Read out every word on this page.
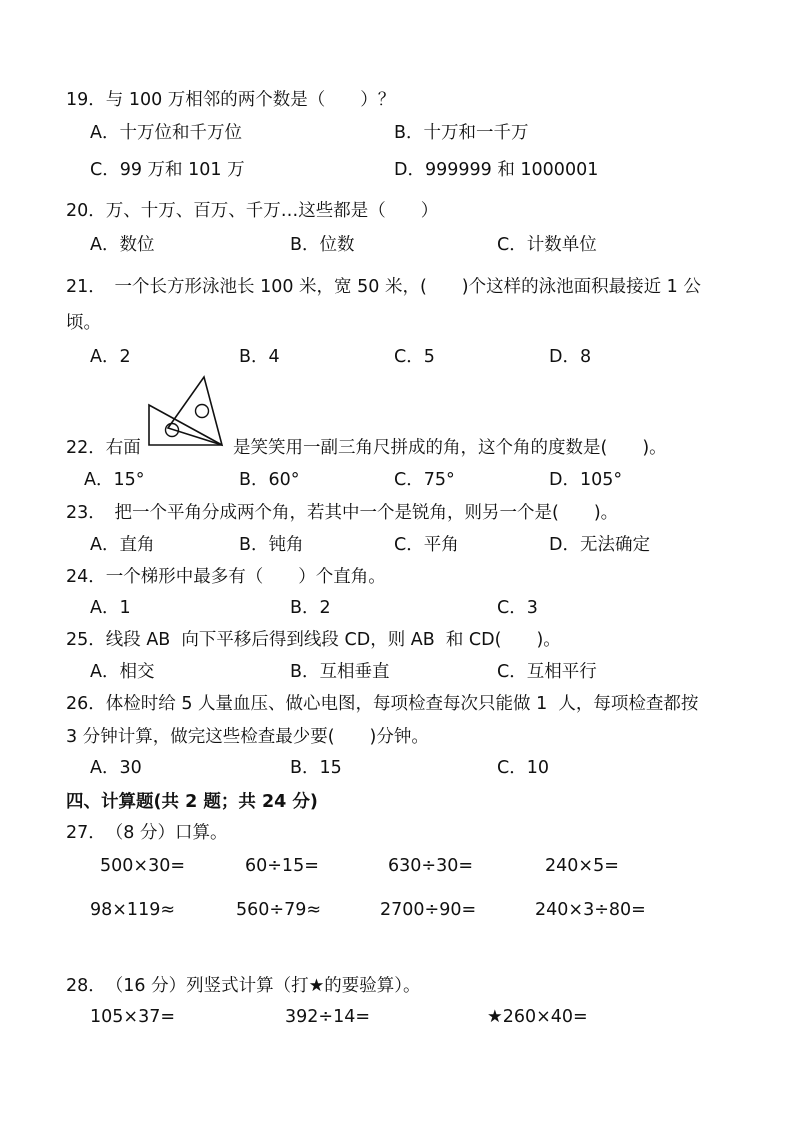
19．与 100 万相邻的两个数是（　　）？
A．十万位和千万位	B．十万和一千万
C．99 万和 101 万	D．999999 和 1000001
20．万、十万、百万、千万…这些都是（　　）
A．数位	B．位数	C．计数单位
21．　一个长方形泳池长 100 米，宽 50 米，(　　)个这样的泳池面积最接近 1 公
顷。
A．2	B．4	C．5	D．8
22．右面	是笑笑用一副三角尺拼成的角，这个角的度数是(　　)。
A．15°	B．60°	C．75°	D．105°
23．　把一个平角分成两个角，若其中一个是锐角，则另一个是(　　)。
A．直角	B．钝角	C．平角	D．无法确定
24．一个梯形中最多有（　　）个直角。
A．1	B．2	C．3
25．线段 AB  向下平移后得到线段 CD，则 AB  和 CD(　　)。
A．相交	B．互相垂直	C．互相平行
26．体检时给 5 人量血压、做心电图，每项检查每次只能做 1  人，每项检查都按
3 分钟计算，做完这些检查最少要(　　)分钟。
A．30	B．15	C．10
四、计算题(共 2 题；共 24 分)
27．　（8 分）口算。
500×30=	60÷15=	630÷30=	240×5=
98×119≈	560÷79≈	2700÷90=	240×3÷80=
28．　（16 分）列竖式计算（打★的要验算）。
105×37=	392÷14=	★260×40=
